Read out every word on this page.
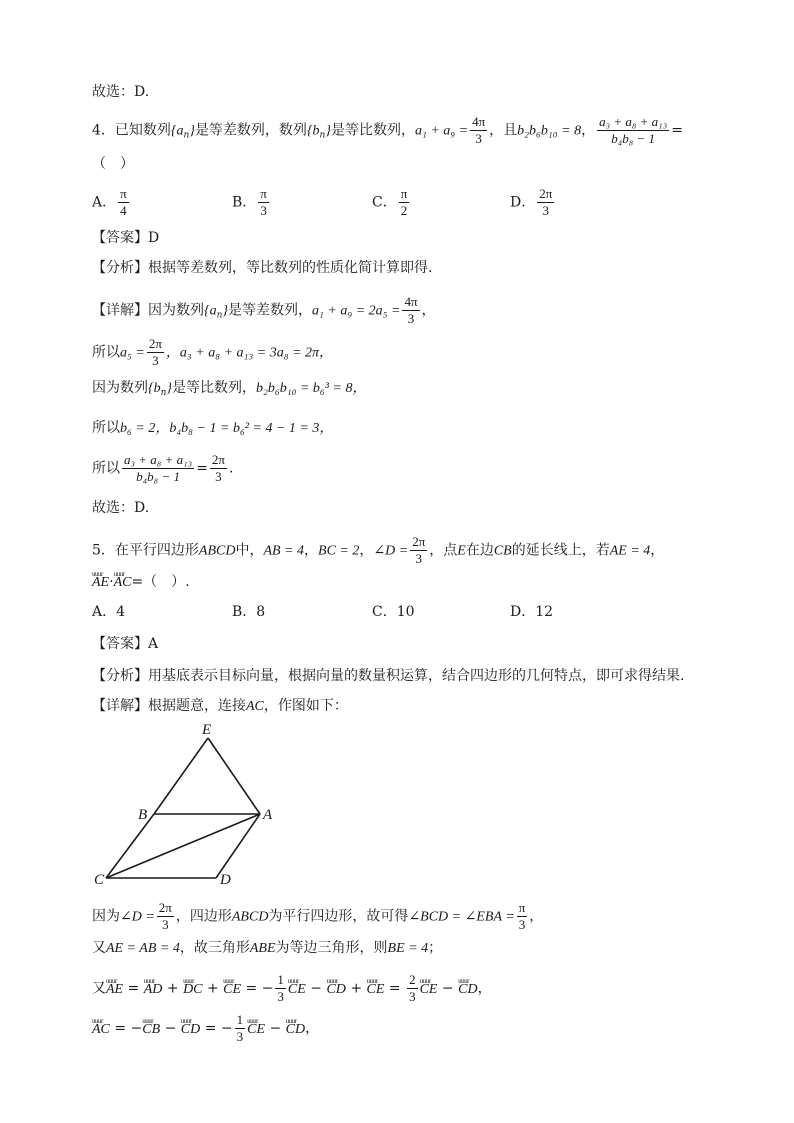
故选：D.
4．已知数列$\{a_n\}$是等差数列，数列$\{b_n\}$是等比数列，$a_1 + a_9 = \frac{4\pi}{3}$ ，且b₂b₆b₁₀ = 8， $\frac{\text{a₃ + a₈ + a₁₃}}{\text{b₄b₈ − 1}}$ =
（　）
A． $\frac{\pi}{4}$	B． $\frac{\pi}{3}$	C． $\frac{\pi}{2}$	D． $\frac{2\pi}{3}$
【答案】D
【分析】根据等差数列，等比数列的性质化简计算即得.
【详解】因为数列$\{a_n\}$是等差数列，$a_1 + a_9 = 2a_5 = \frac{4\pi}{3}$ ，
所以$a_5 = \frac{2\pi}{3}$ ，a₃ + a₈ + a₁₃ = 3a₈ = 2π，
因为数列$\{b_n\}$是等比数列，b₂b₆b₁₀ = b₆³ = 8，
所以b₆ = 2，b₄b₈ − 1 = b₆² = 4 − 1 = 3，
所以 $\frac{\text{a₃ + a₈ + a₁₃}}{\text{b₄b₈ − 1}} = \frac{2\pi}{3}$ .
故选：D.
5．在平行四边形ABCD中，AB = 4，BC = 2，∠D = $\frac{2\pi}{3}$ ，点E在边CB的延长线上，若AE = 4，
uuur AE·uuur AC=（　）.
A．4	B．8	C．10	D．12
【答案】A
【分析】用基底表示目标向量，根据向量的数量积运算，结合四边形的几何特点，即可求得结果.
【详解】根据题意，连接AC，作图如下：
E
B	A
C	D
因为∠D = $\frac{2\pi}{3}$ ，四边形ABCD为平行四边形，故可得∠BCD = ∠EBA = $\frac{\pi}{3}$ ，
又AE = AB = 4，故三角形ABE为等边三角形，则BE = 4；
又uuur AE = uuur AD + uuur DC + uuur CE = − $\frac{1}{3}$ uuur CE − uuur CD + uuur CE = $\frac{2}{3}$ uuur CE − uuur CD，
uuur AC = −uuur CB − uuur CD = − $\frac{1}{3}$ uuur CE − uuur CD，
